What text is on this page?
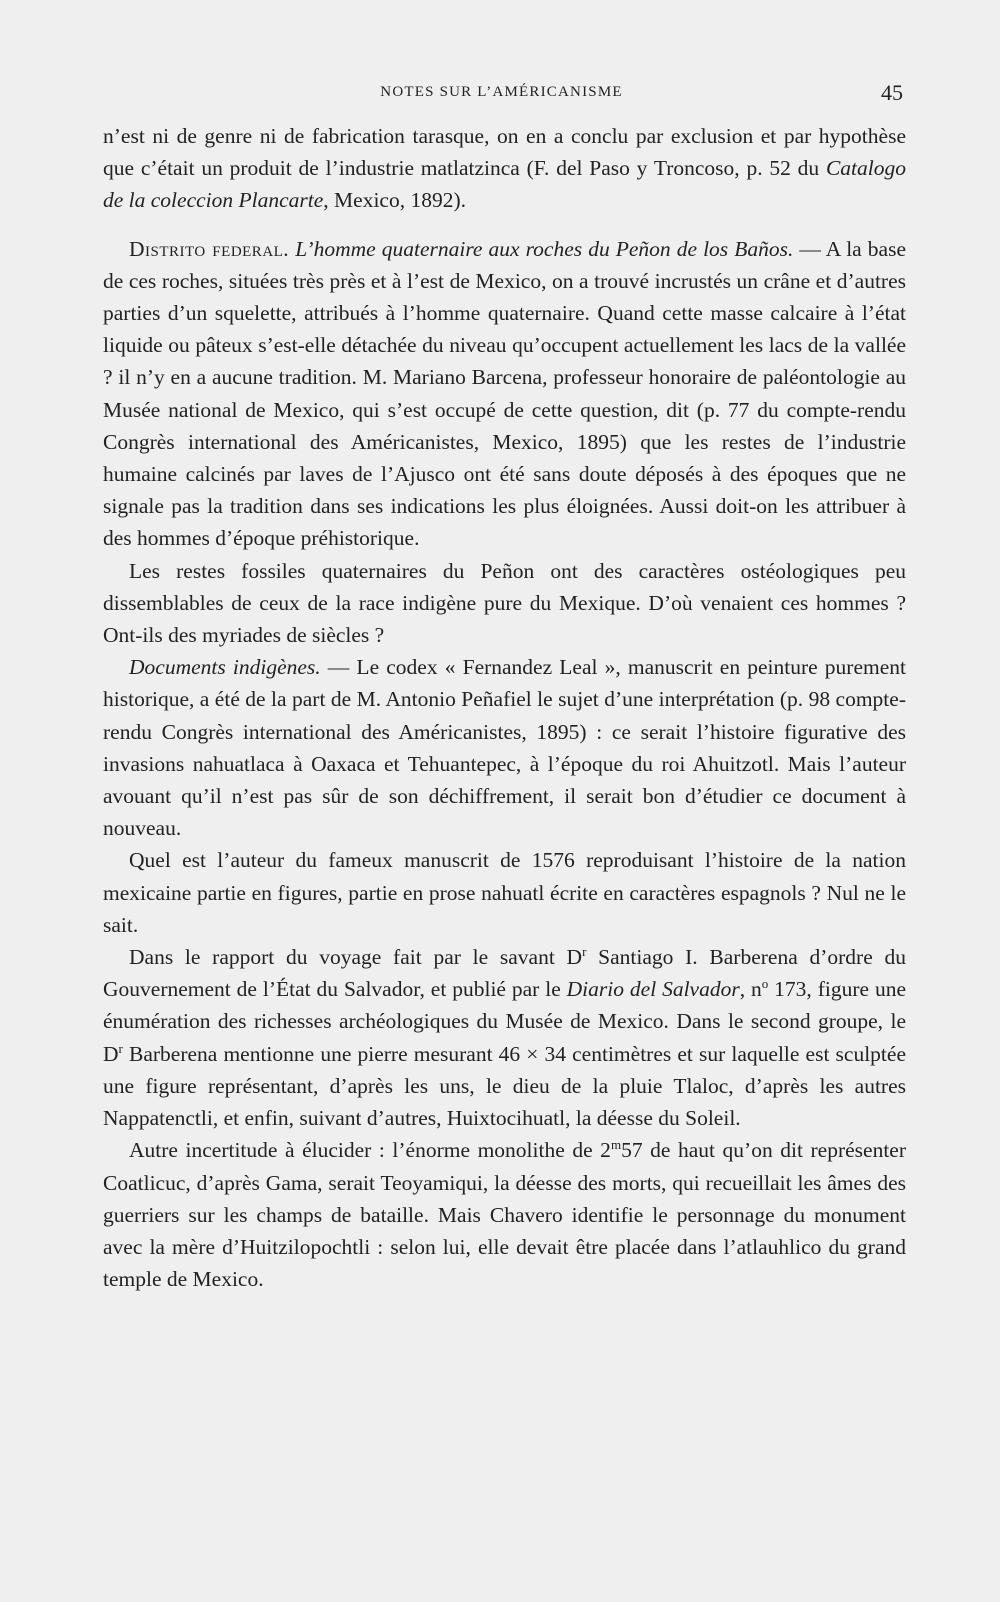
NOTES SUR L’AMÉRICANISME	45

n’est ni de genre ni de fabrication tarasque, on en a conclu par exclusion et par hypothèse que c’était un produit de l’industrie matlatzinca (F. del Paso y Troncoso, p. 52 du Catalogo de la coleccion Plancarte, Mexico, 1892).

Distrito federal. L’homme quaternaire aux roches du Peñon de los Baños. — A la base de ces roches, situées très près et à l’est de Mexico, on a trouvé incrustés un crâne et d’autres parties d’un squelette, attribués à l’homme quaternaire. Quand cette masse calcaire à l’état liquide ou pâteux s’est-elle détachée du niveau qu’occupent actuellement les lacs de la vallée ? il n’y en a aucune tradition. M. Mariano Barcena, professeur honoraire de paléontologie au Musée national de Mexico, qui s’est occupé de cette question, dit (p. 77 du compte-rendu Congrès international des Américanistes, Mexico, 1895) que les restes de l’industrie humaine calcinés par laves de l’Ajusco ont été sans doute déposés à des époques que ne signale pas la tradition dans ses indications les plus éloignées. Aussi doit-on les attribuer à des hommes d’époque préhistorique.

Les restes fossiles quaternaires du Peñon ont des caractères ostéologiques peu dissemblables de ceux de la race indigène pure du Mexique. D’où venaient ces hommes ? Ont-ils des myriades de siècles ?

Documents indigènes. — Le codex « Fernandez Leal », manuscrit en peinture purement historique, a été de la part de M. Antonio Peñafiel le sujet d’une interprétation (p. 98 compte-rendu Congrès international des Américanistes, 1895) : ce serait l’histoire figurative des invasions nahuatlaca à Oaxaca et Tehuantepec, à l’époque du roi Ahuitzotl. Mais l’auteur avouant qu’il n’est pas sûr de son déchiffrement, il serait bon d’étudier ce document à nouveau.

Quel est l’auteur du fameux manuscrit de 1576 reproduisant l’histoire de la nation mexicaine partie en figures, partie en prose nahuatl écrite en caractères espagnols ? Nul ne le sait.

Dans le rapport du voyage fait par le savant $D^r$ Santiago I. Barberena d’ordre du Gouvernement de l’État du Salvador, et publié par le Diario del Salvador, $n^o$ 173, figure une énumération des richesses archéologiques du Musée de Mexico. Dans le second groupe, le $D^r$ Barberena mentionne une pierre mesurant 46 × 34 centimètres et sur laquelle est sculptée une figure représentant, d’après les uns, le dieu de la pluie Tlaloc, d’après les autres Nappatenctli, et enfin, suivant d’autres, Huixtocihuatl, la déesse du Soleil.

Autre incertitude à élucider : l’énorme monolithe de 2$^m$57 de haut qu’on dit représenter Coatlicuc, d’après Gama, serait Teoyamiqui, la déesse des morts, qui recueillait les âmes des guerriers sur les champs de bataille. Mais Chavero identifie le personnage du monument avec la mère d’Huitzilopochtli : selon lui, elle devait être placée dans l’atlauhlico du grand temple de Mexico.
